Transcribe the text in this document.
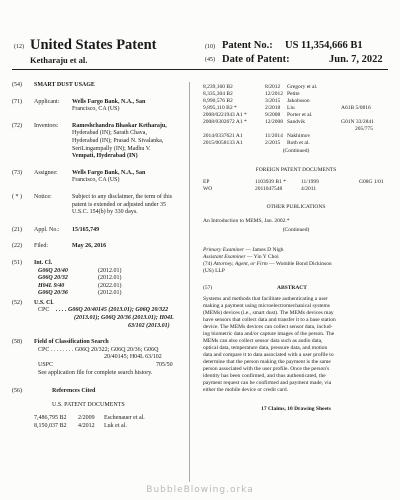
(12) United States Patent
Ketharaju et al.
(10) Patent No.: US 11,354,666 B1
(45) Date of Patent:	Jun. 7, 2022
(54)	SMART DUST USAGE
(71)	Applicant:	Wells Fargo Bank, N.A., San
Francisco, CA (US)
(72)	Inventors:	Rameshchandra Bhaskar Ketharaju,
Hyderabad (IN); Sarath Chava,
Hyderabad (IN); Prasad N. Sivalanka,
SeriLingampally (IN); Madhu V.
Vempati, Hyderabad (IN)
(73)	Assignee:	Wells Fargo Bank, N.A., San
Francisco, CA (US)
( * )	Notice:	Subject to any disclaimer, the term of this
patent is extended or adjusted under 35
U.S.C. 154(b) by 330 days.
(21)	Appl. No.:	15/165,749
(22)	Filed:	May 26, 2016
(51)	Int. Cl.
G06Q 20/40	(2012.01)
G06Q 20/32	(2012.01)
H04L 9/40	(2022.01)
G06Q 20/36	(2012.01)
(52)	U.S. Cl.
CPC	. . . . G06Q 20/40145 (2013.01); G06Q 20/322
(2013.01); G06Q 20/36 (2013.01); H04L
63/102 (2013.01)
(58)	Field of Classification Search
CPC . . . . . . . . G06Q 20/322; G06Q 20/36; G06Q
20/40145; H04L 63/102
USPC	705/50
See application file for complete search history.
(56)	References Cited
U.S. PATENT DOCUMENTS
7,486,795 B2	2/2009	Eschenauer et al.
8,150,037 B2	4/2012	Luk et al.
8,239,160 B2	8/2012	Gregory et al.
8,335,304 B2	12/2012 Petite
8,990,576 B2	3/2015	Jakobsson
9,895,110 B2 *	2/2018	Liu	A61B 5/0816
2008/0221943 A1 *	9/2008	Porter et al.
2008/0302672 A1 *	12/2008 Sandvik	G01N 33/2841
205/775
2014/0337621 A1	11/2014 Nakhimov
2015/0058133 A1	2/2015	Roth et al.
(Continued)
FOREIGN PATENT DOCUMENTS
EP	1103939 B1 *	11/1999	G08G 1/01
WO	2011047548	4/2011
OTHER PUBLICATIONS
An Introduction to MEMS, Jan. 2002.*
(Continued)
Primary Examiner — James D Nigh
Assistant Examiner — Yin Y Choi
(74) Attorney, Agent, or Firm — Womble Bond Dickinson
(US) LLP
(57)	ABSTRACT
Systems and methods that facilitate authenticating a user
making a payment using microelectromechanical systems
(MEMs) devices (i.e., smart dust). The MEMs devices may
have sensors that collect data and transfer it to a base station
device. The MEMs devices can collect sensor data, includ-
ing biometric data and/or capture images of the person. The
MEMs can also collect sensor data such as audio data,
optical data, temperature data, pressure data, and motion
data and compare it to data associated with a user profile to
determine that the person making the payment is the same
person associated with the user profile. Once the person's
identity has been confirmed, and thus authenticated, the
payment request can be confirmed and payment made, via
either the mobile device or credit card.
17 Claims, 10 Drawing Sheets
BubbleBlowing.orka
